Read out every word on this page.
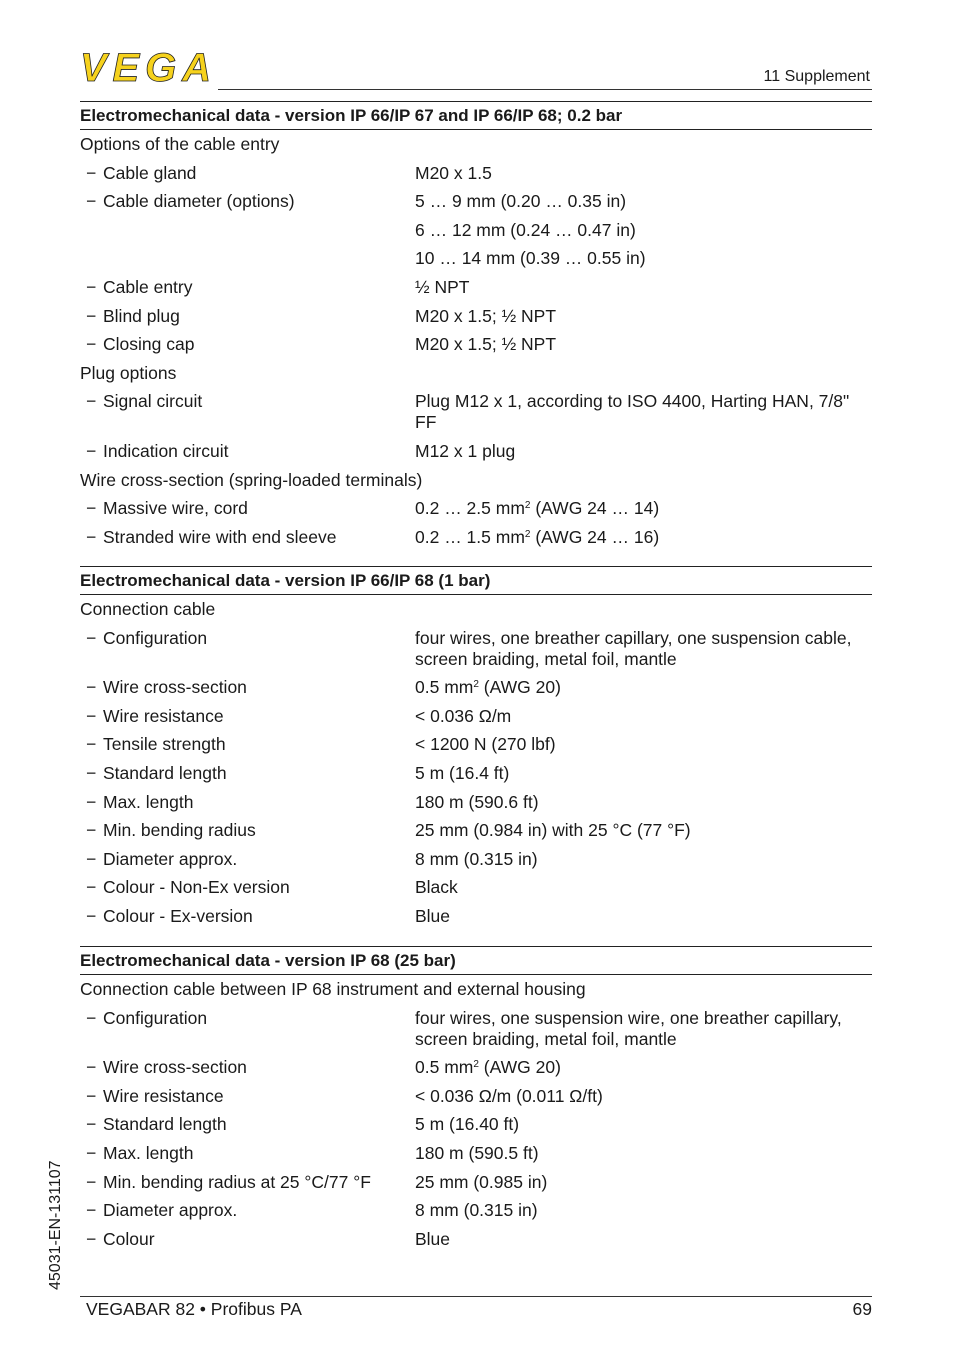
VEGA	11 Supplement
Electromechanical data - version IP 66/IP 67 and IP 66/IP 68; 0.2 bar
Options of the cable entry
− Cable gland	M20 x 1.5
− Cable diameter (options)	5 … 9 mm (0.20 … 0.35 in)
6 … 12 mm (0.24 … 0.47 in)
10 … 14 mm (0.39 … 0.55 in)
− Cable entry	½ NPT
− Blind plug	M20 x 1.5; ½ NPT
− Closing cap	M20 x 1.5; ½ NPT
Plug options
− Signal circuit	Plug M12 x 1, according to ISO 4400, Harting HAN, 7/8" FF
− Indication circuit	M12 x 1 plug
Wire cross-section (spring-loaded terminals)
− Massive wire, cord	0.2 … 2.5 $mm^2$ (AWG 24 … 14)
− Stranded wire with end sleeve	0.2 … 1.5 $mm^2$ (AWG 24 … 16)
Electromechanical data - version IP 66/IP 68 (1 bar)
Connection cable
− Configuration	four wires, one breather capillary, one suspension cable, screen braiding, metal foil, mantle
− Wire cross-section	0.5 $mm^2$ (AWG 20)
− Wire resistance	< 0.036 Ω/m
− Tensile strength	< 1200 N (270 lbf)
− Standard length	5 m (16.4 ft)
− Max. length	180 m (590.6 ft)
− Min. bending radius	25 mm (0.984 in) with 25 °C (77 °F)
− Diameter approx.	8 mm (0.315 in)
− Colour - Non-Ex version	Black
− Colour - Ex-version	Blue
Electromechanical data - version IP 68 (25 bar)
Connection cable between IP 68 instrument and external housing
− Configuration	four wires, one suspension wire, one breather capillary, screen braiding, metal foil, mantle
− Wire cross-section	0.5 $mm^2$ (AWG 20)
− Wire resistance	< 0.036 Ω/m (0.011 Ω/ft)
− Standard length	5 m (16.40 ft)
− Max. length	180 m (590.5 ft)
− Min. bending radius at 25 °C/77 °F	25 mm (0.985 in)
− Diameter approx.	8 mm (0.315 in)
− Colour	Blue
45031-EN-131107
VEGABAR 82 • Profibus PA	69
